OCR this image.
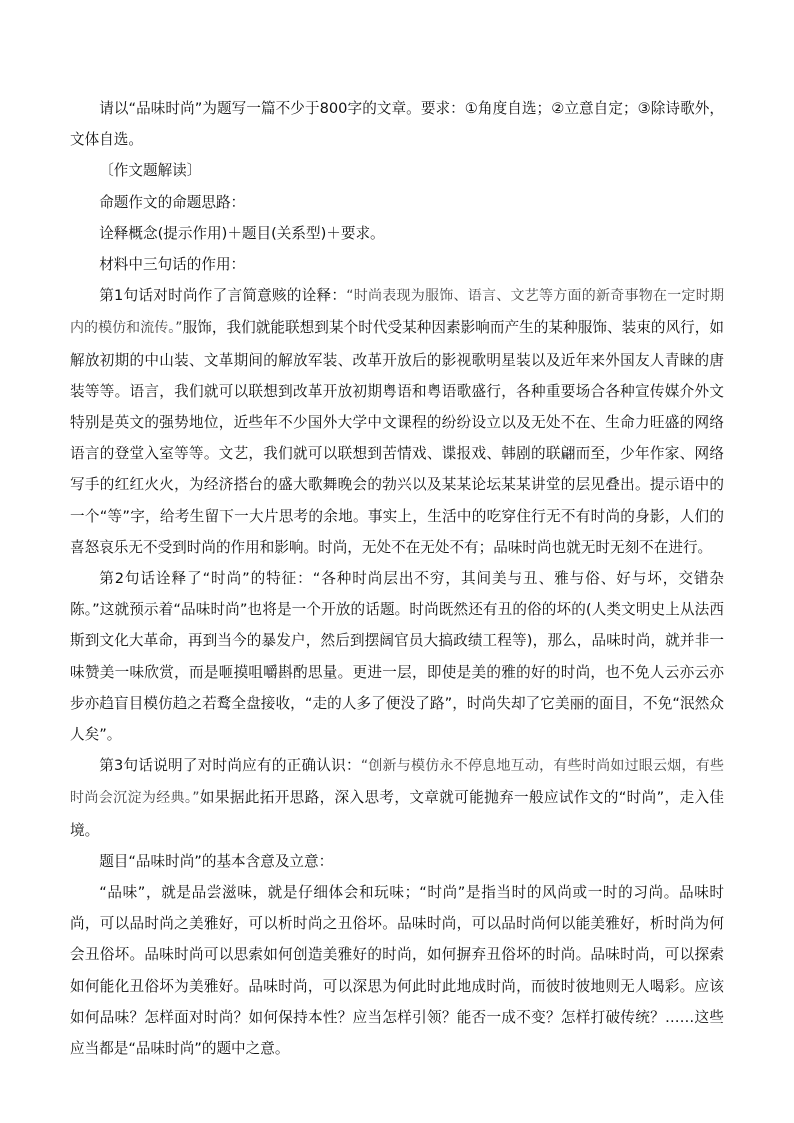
请以“品味时尚”为题写一篇不少于800字的文章。要求：①角度自选；②立意自定；③除诗歌外，文体自选。

〔作文题解读〕

命题作文的命题思路：

诠释概念(提示作用)＋题目(关系型)＋要求。

材料中三句话的作用：

第1句话对时尚作了言简意赅的诠释：“时尚表现为服饰、语言、文艺等方面的新奇事物在一定时期内的模仿和流传。”服饰，我们就能联想到某个时代受某种因素影响而产生的某种服饰、装束的风行，如解放初期的中山装、文革期间的解放军装、改革开放后的影视歌明星装以及近年来外国友人青睐的唐装等等。语言，我们就可以联想到改革开放初期粤语和粤语歌盛行，各种重要场合各种宣传媒介外文特别是英文的强势地位，近些年不少国外大学中文课程的纷纷设立以及无处不在、生命力旺盛的网络语言的登堂入室等等。文艺，我们就可以联想到苦情戏、谍报戏、韩剧的联翩而至，少年作家、网络写手的红红火火，为经济搭台的盛大歌舞晚会的勃兴以及某某论坛某某讲堂的层见叠出。提示语中的一个“等”字，给考生留下一大片思考的余地。事实上，生活中的吃穿住行无不有时尚的身影，人们的喜怒哀乐无不受到时尚的作用和影响。时尚，无处不在无处不有；品味时尚也就无时无刻不在进行。

第2句话诠释了“时尚”的特征：“各种时尚层出不穷，其间美与丑、雅与俗、好与坏，交错杂陈。”这就预示着“品味时尚”也将是一个开放的话题。时尚既然还有丑的俗的坏的(人类文明史上从法西斯到文化大革命，再到当今的暴发户，然后到摆阔官员大搞政绩工程等)，那么，品味时尚，就并非一味赞美一味欣赏，而是咂摸咀嚼斟酌思量。更进一层，即使是美的雅的好的时尚，也不免人云亦云亦步亦趋盲目模仿趋之若鹜全盘接收，“走的人多了便没了路”，时尚失却了它美丽的面目，不免“泯然众人矣”。

第3句话说明了对时尚应有的正确认识：“创新与模仿永不停息地互动，有些时尚如过眼云烟，有些时尚会沉淀为经典。”如果据此拓开思路，深入思考，文章就可能抛弃一般应试作文的“时尚”，走入佳境。

题目“品味时尚”的基本含意及立意：

“品味”，就是品尝滋味，就是仔细体会和玩味；“时尚”是指当时的风尚或一时的习尚。品味时尚，可以品时尚之美雅好，可以析时尚之丑俗坏。品味时尚，可以品时尚何以能美雅好，析时尚为何会丑俗坏。品味时尚可以思索如何创造美雅好的时尚，如何摒弃丑俗坏的时尚。品味时尚，可以探索如何能化丑俗坏为美雅好。品味时尚，可以深思为何此时此地成时尚，而彼时彼地则无人喝彩。应该如何品味？怎样面对时尚？如何保持本性？应当怎样引领？能否一成不变？怎样打破传统？……这些应当都是“品味时尚”的题中之意。
